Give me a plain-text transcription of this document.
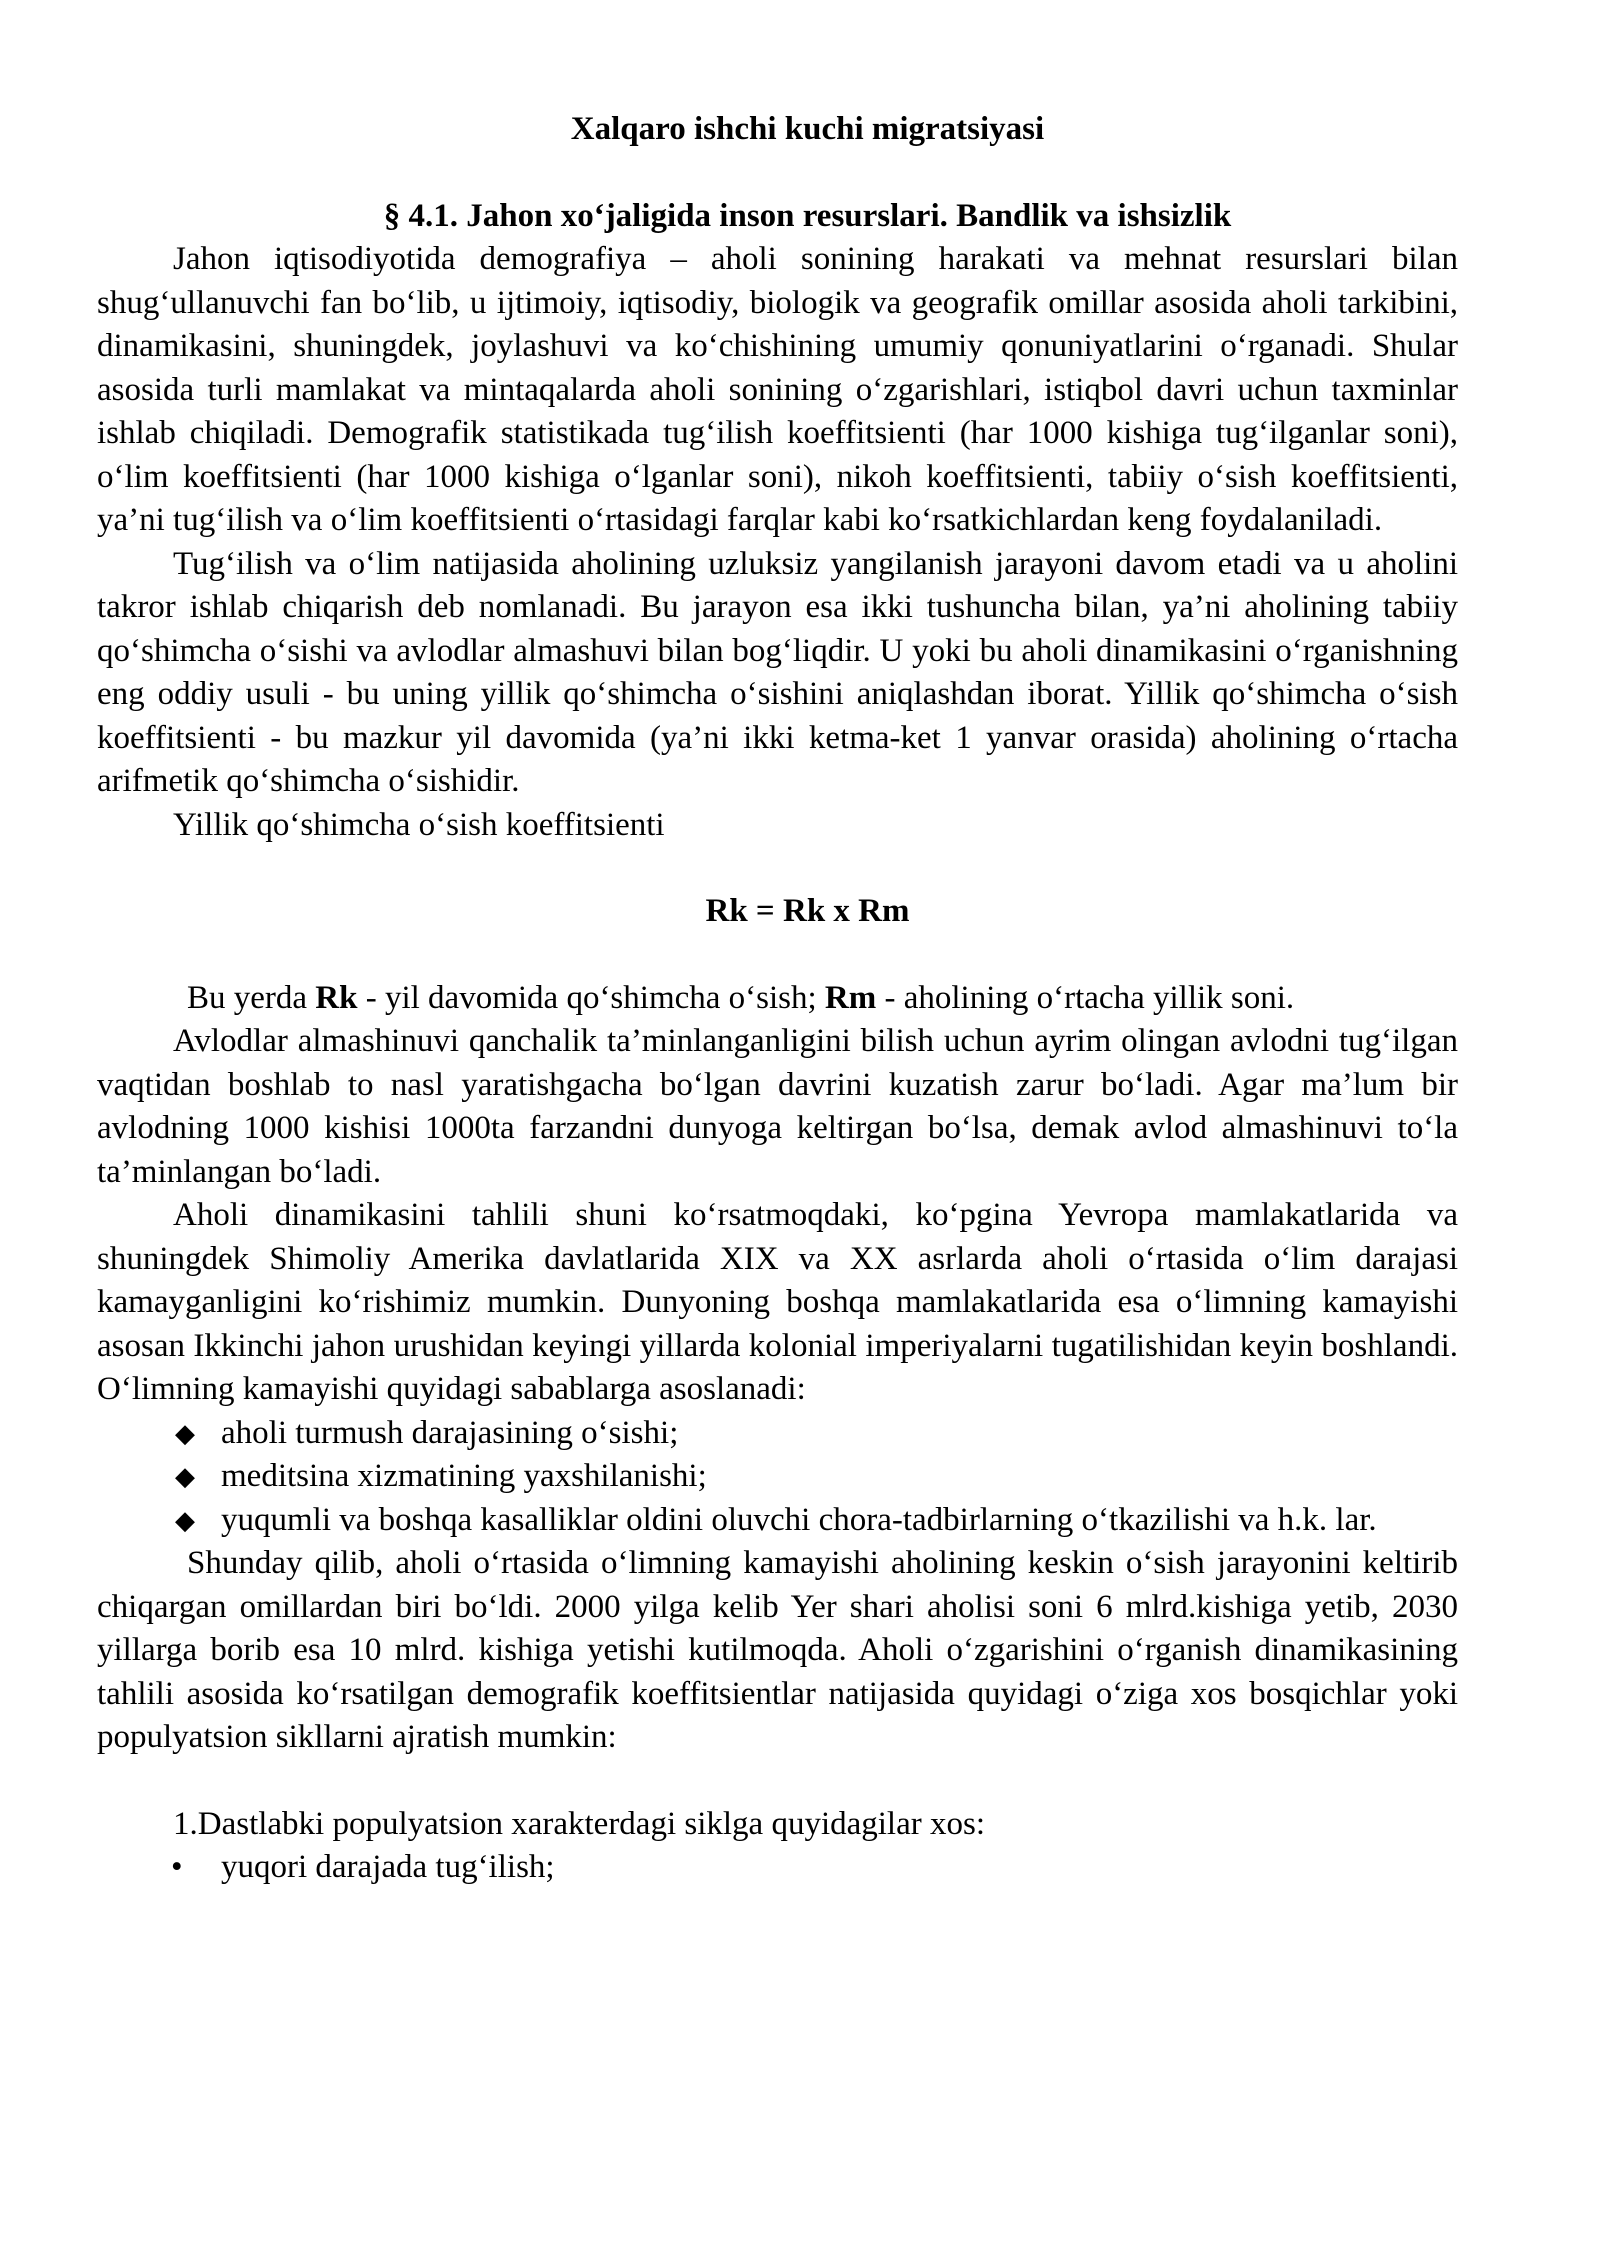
Xalqaro ishchi kuchi migratsiyasi
§ 4.1. Jahon xo‘jaligida inson resurslari. Bandlik va ishsizlik

Jahon iqtisodiyotida demografiya – aholi sonining harakati va mehnat resurslari bilan shug‘ullanuvchi fan bo‘lib, u ijtimoiy, iqtisodiy, biologik va geografik omillar asosida aholi tarkibini, dinamikasini, shuningdek, joylashuvi va ko‘chishining umumiy qonuniyatlarini o‘rganadi. Shular asosida turli mamlakat va mintaqalarda aholi sonining o‘zgarishlari, istiqbol davri uchun taxminlar ishlab chiqiladi. Demografik statistikada tug‘ilish koeffitsienti (har 1000 kishiga tug‘ilganlar soni), o‘lim koeffitsienti (har 1000 kishiga o‘lganlar soni), nikoh koeffitsienti, tabiiy o‘sish koeffitsienti, ya’ni tug‘ilish va o‘lim koeffitsienti o‘rtasidagi farqlar kabi ko‘rsatkichlardan keng foydalaniladi.

Tug‘ilish va o‘lim natijasida aholining uzluksiz yangilanish jarayoni davom etadi va u aholini takror ishlab chiqarish deb nomlanadi. Bu jarayon esa ikki tushuncha bilan, ya’ni aholining tabiiy qo‘shimcha o‘sishi va avlodlar almashuvi bilan bog‘liqdir. U yoki bu aholi dinamikasini o‘rganishning eng oddiy usuli - bu uning yillik qo‘shimcha o‘sishini aniqlashdan iborat. Yillik qo‘shimcha o‘sish koeffitsienti - bu mazkur yil davomida (ya’ni ikki ketma-ket 1 yanvar orasida) aholining o‘rtacha arifmetik qo‘shimcha o‘sishidir.

Yillik qo‘shimcha o‘sish koeffitsienti

Rk = Rk x Rm

Bu yerda Rk - yil davomida qo‘shimcha o‘sish; Rm - aholining o‘rtacha yillik soni.

Avlodlar almashinuvi qanchalik ta’minlanganligini bilish uchun ayrim olingan avlodni tug‘ilgan vaqtidan boshlab to nasl yaratishgacha bo‘lgan davrini kuzatish zarur bo‘ladi. Agar ma’lum bir avlodning 1000 kishisi 1000ta farzandni dunyoga keltirgan bo‘lsa, demak avlod almashinuvi to‘la ta’minlangan bo‘ladi.

Aholi dinamikasini tahlili shuni ko‘rsatmoqdaki, ko‘pgina Yevropa mamlakatlarida va shuningdek Shimoliy Amerika davlatlarida XIX va XX asrlarda aholi o‘rtasida o‘lim darajasi kamayganligini ko‘rishimiz mumkin. Dunyoning boshqa mamlakatlarida esa o‘limning kamayishi asosan Ikkinchi jahon urushidan keyingi yillarda kolonial imperiyalarni tugatilishidan keyin boshlandi. O‘limning kamayishi quyidagi sabablarga asoslanadi:

◆ aholi turmush darajasining o‘sishi;
◆ meditsina xizmatining yaxshilanishi;
◆ yuqumli va boshqa kasalliklar oldini oluvchi chora-tadbirlarning o‘tkazilishi va h.k. lar.

Shunday qilib, aholi o‘rtasida o‘limning kamayishi aholining keskin o‘sish jarayonini keltirib chiqargan omillardan biri bo‘ldi. 2000 yilga kelib Yer shari aholisi soni 6 mlrd.kishiga yetib, 2030 yillarga borib esa 10 mlrd. kishiga yetishi kutilmoqda. Aholi o‘zgarishini o‘rganish dinamikasining tahlili asosida ko‘rsatilgan demografik koeffitsientlar natijasida quyidagi o‘ziga xos bosqichlar yoki populyatsion sikllarni ajratish mumkin:

1.Dastlabki populyatsion xarakterdagi siklga quyidagilar xos:
• yuqori darajada tug‘ilish;
